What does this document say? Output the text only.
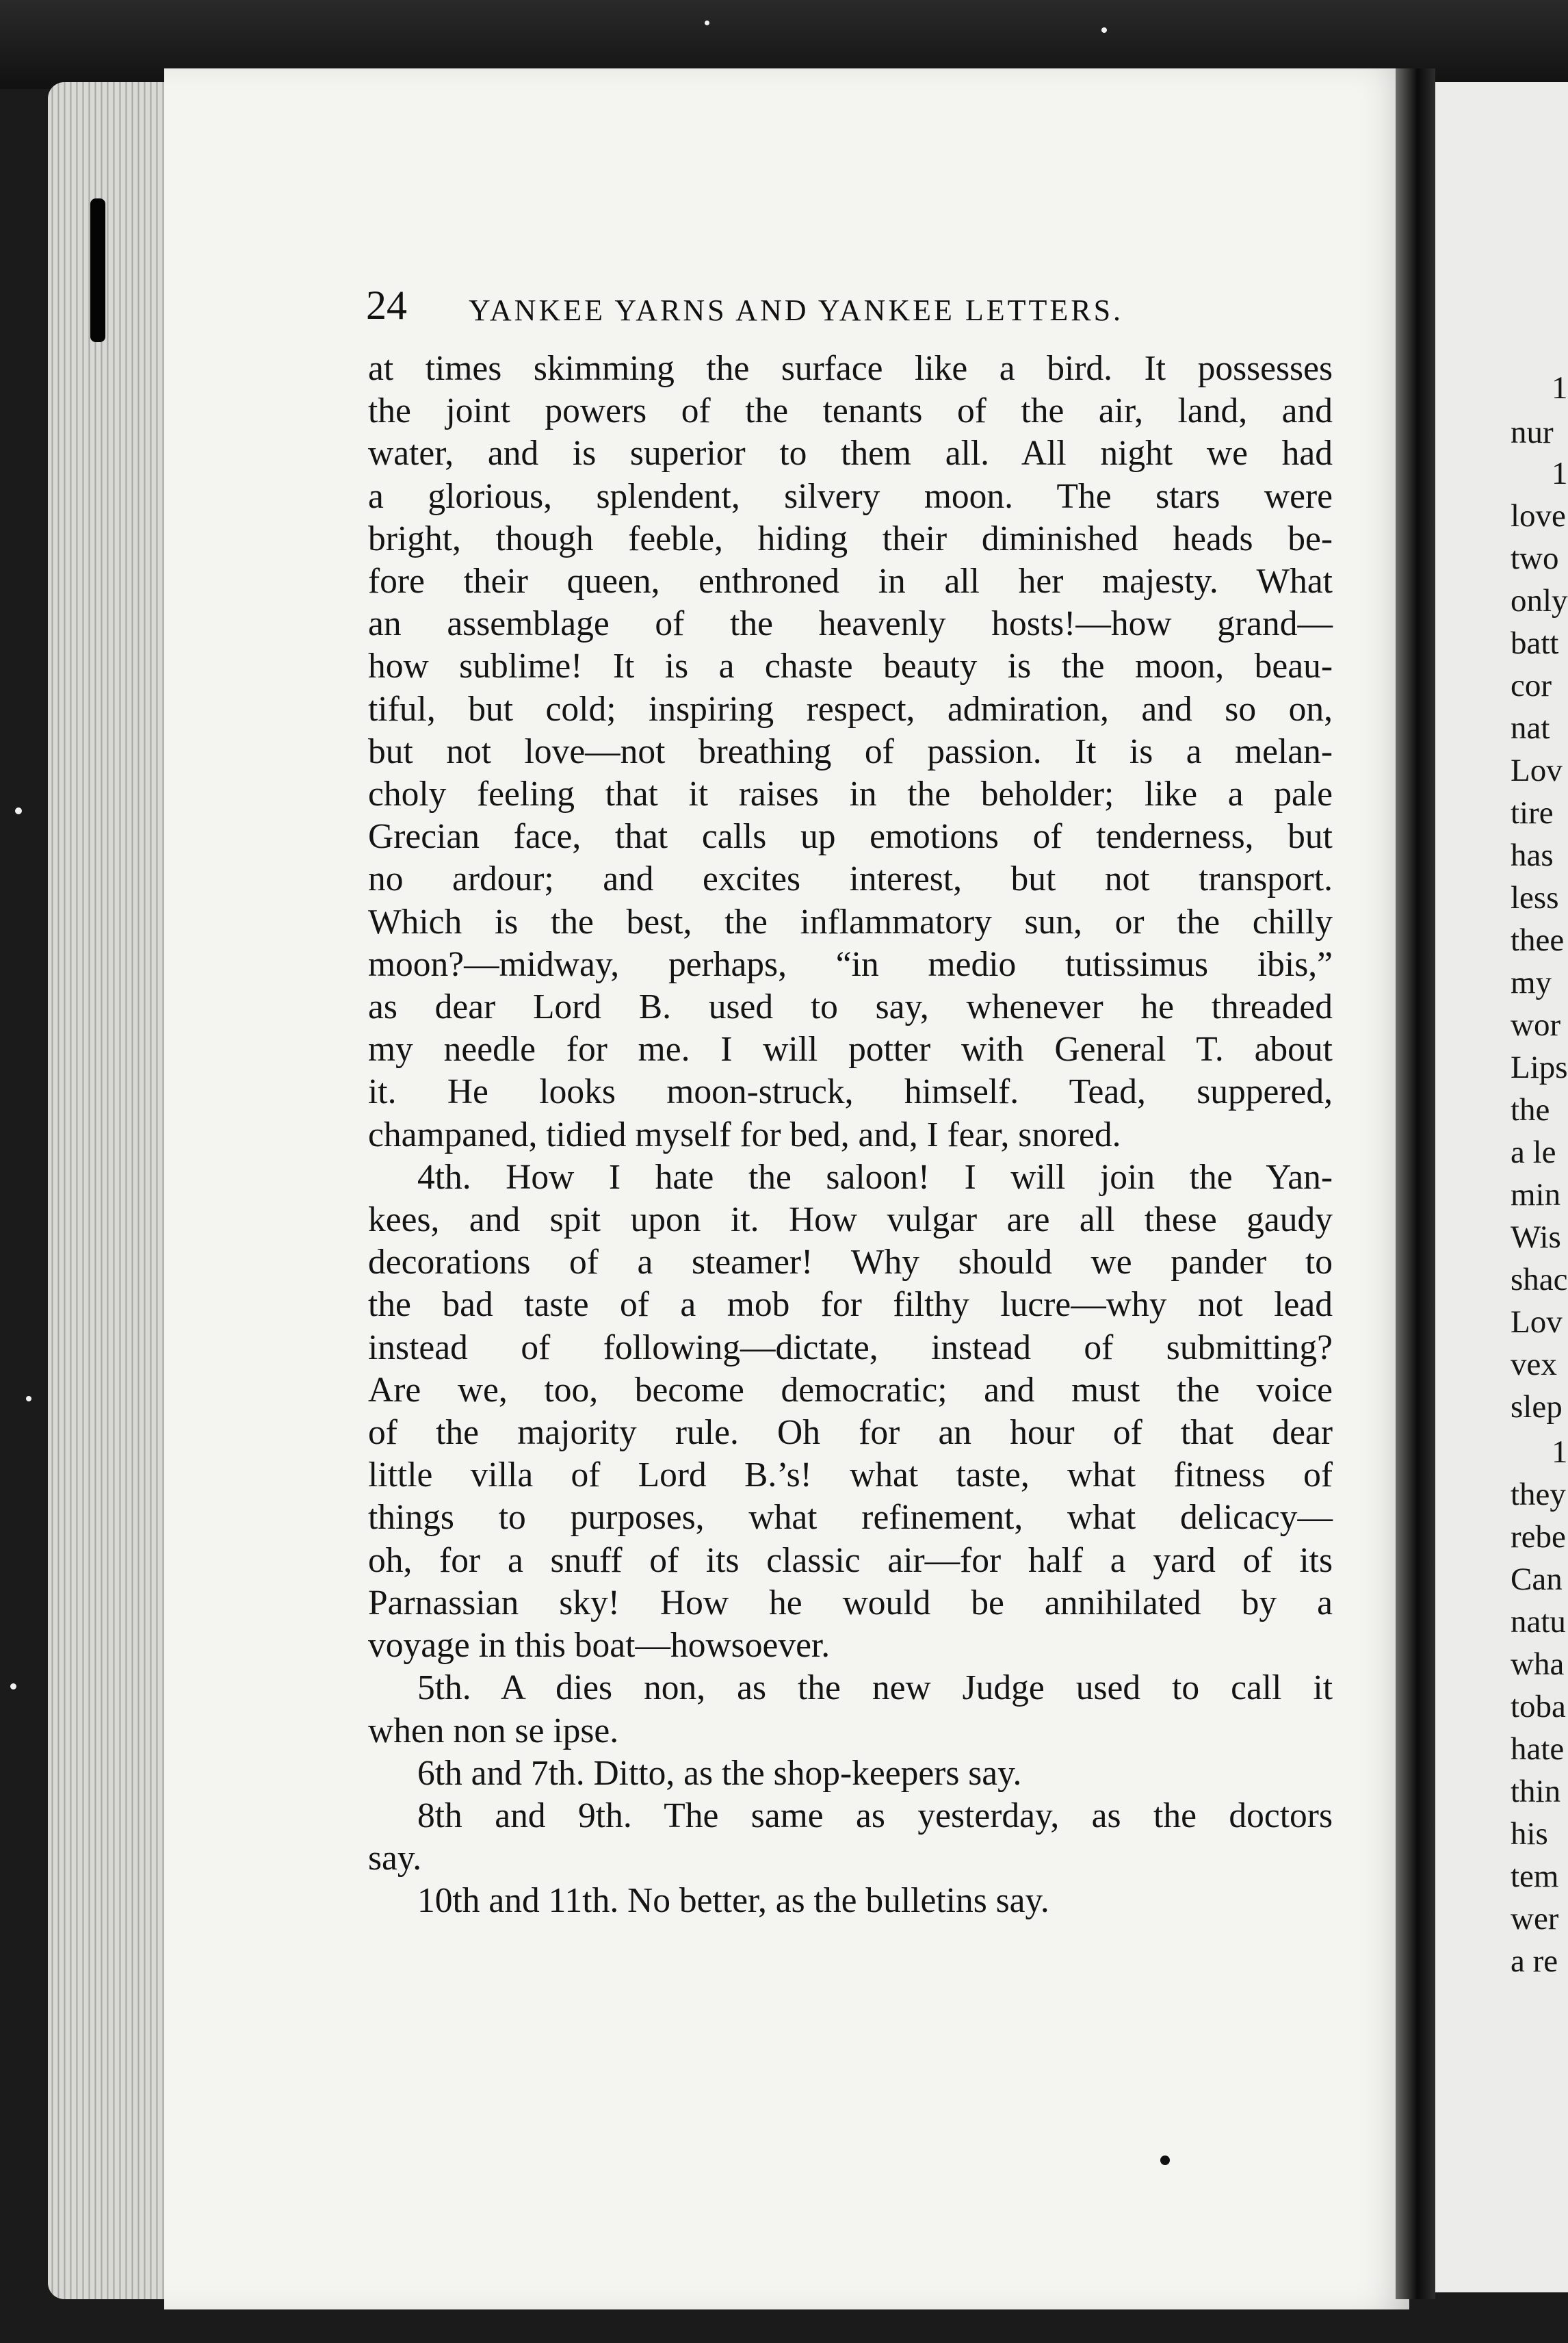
1
nur
1
love
two
only
batt
cor
nat
Lov
tire
has
less
thee
my
wor
Lips
the
a le
min
Wis
shac
Lov
vex
slep
1
they
rebe
Can
natu
wha
toba
hate
thin
his
tem
wer
a re
24 YANKEE YARNS AND YANKEE LETTERS.
at times skimming the surface like a bird. It possesses
the joint powers of the tenants of the air, land, and
water, and is superior to them all. All night we had
a glorious, splendent, silvery moon. The stars were
bright, though feeble, hiding their diminished heads be-
fore their queen, enthroned in all her majesty. What
an assemblage of the heavenly hosts!—how grand—
how sublime! It is a chaste beauty is the moon, beau-
tiful, but cold; inspiring respect, admiration, and so on,
but not love—not breathing of passion. It is a melan-
choly feeling that it raises in the beholder; like a pale
Grecian face, that calls up emotions of tenderness, but
no ardour; and excites interest, but not transport.
Which is the best, the inflammatory sun, or the chilly
moon?—midway, perhaps, “in medio tutissimus ibis,”
as dear Lord B. used to say, whenever he threaded
my needle for me. I will potter with General T. about
it. He looks moon-struck, himself. Tead, suppered,
champaned, tidied myself for bed, and, I fear, snored.
4th. How I hate the saloon! I will join the Yan-
kees, and spit upon it. How vulgar are all these gaudy
decorations of a steamer! Why should we pander to
the bad taste of a mob for filthy lucre—why not lead
instead of following—dictate, instead of submitting?
Are we, too, become democratic; and must the voice
of the majority rule. Oh for an hour of that dear
little villa of Lord B.’s! what taste, what fitness of
things to purposes, what refinement, what delicacy—
oh, for a snuff of its classic air—for half a yard of its
Parnassian sky! How he would be annihilated by a
voyage in this boat—howsoever.
5th. A dies non, as the new Judge used to call it
when non se ipse.
6th and 7th. Ditto, as the shop-keepers say.
8th and 9th. The same as yesterday, as the doctors
say.
10th and 11th. No better, as the bulletins say.
